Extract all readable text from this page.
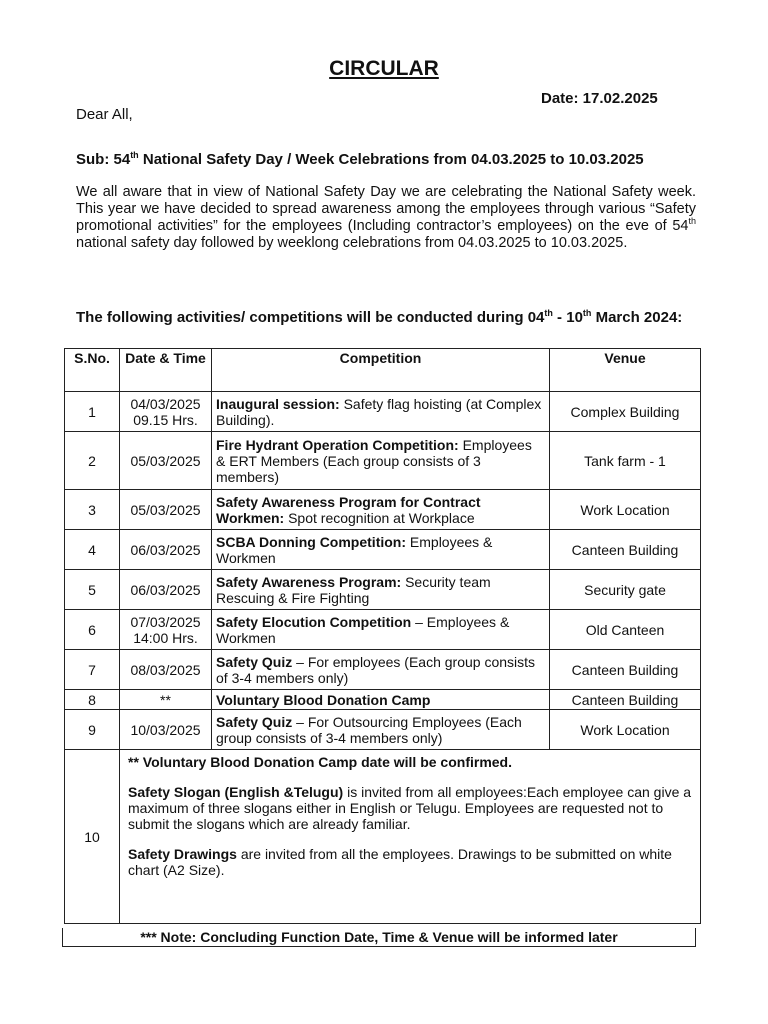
CIRCULAR
Date: 17.02.2025
Dear All,
Sub: 54th National Safety Day / Week Celebrations from 04.03.2025 to 10.03.2025
We all aware that in view of National Safety Day we are celebrating the National Safety week. This year we have decided to spread awareness among the employees through various “Safety promotional activities” for the employees (Including contractor’s employees) on the eve of 54th national safety day followed by weeklong celebrations from 04.03.2025 to 10.03.2025.
The following activities/ competitions will be conducted during 04th - 10th March 2024:
S.No.	Date & Time	Competition	Venue
1	04/03/2025 09.15 Hrs.	Inaugural session: Safety flag hoisting (at Complex Building).	Complex Building
2	05/03/2025	Fire Hydrant Operation Competition: Employees & ERT Members (Each group consists of 3 members)	Tank farm - 1
3	05/03/2025	Safety Awareness Program for Contract Workmen: Spot recognition at Workplace	Work Location
4	06/03/2025	SCBA Donning Competition: Employees & Workmen	Canteen Building
5	06/03/2025	Safety Awareness Program: Security team Rescuing & Fire Fighting	Security gate
6	07/03/2025 14:00 Hrs.	Safety Elocution Competition – Employees & Workmen	Old Canteen
7	08/03/2025	Safety Quiz – For employees (Each group consists of 3-4 members only)	Canteen Building
8	**	Voluntary Blood Donation Camp	Canteen Building
9	10/03/2025	Safety Quiz – For Outsourcing Employees (Each group consists of 3-4 members only)	Work Location
10	** Voluntary Blood Donation Camp date will be confirmed.

Safety Slogan (English &Telugu) is invited from all employees:Each employee can give a maximum of three slogans either in English or Telugu. Employees are requested not to submit the slogans which are already familiar.

Safety Drawings are invited from all the employees. Drawings to be submitted on white chart (A2 Size).		

*** Note: Concluding Function Date, Time & Venue will be informed later
